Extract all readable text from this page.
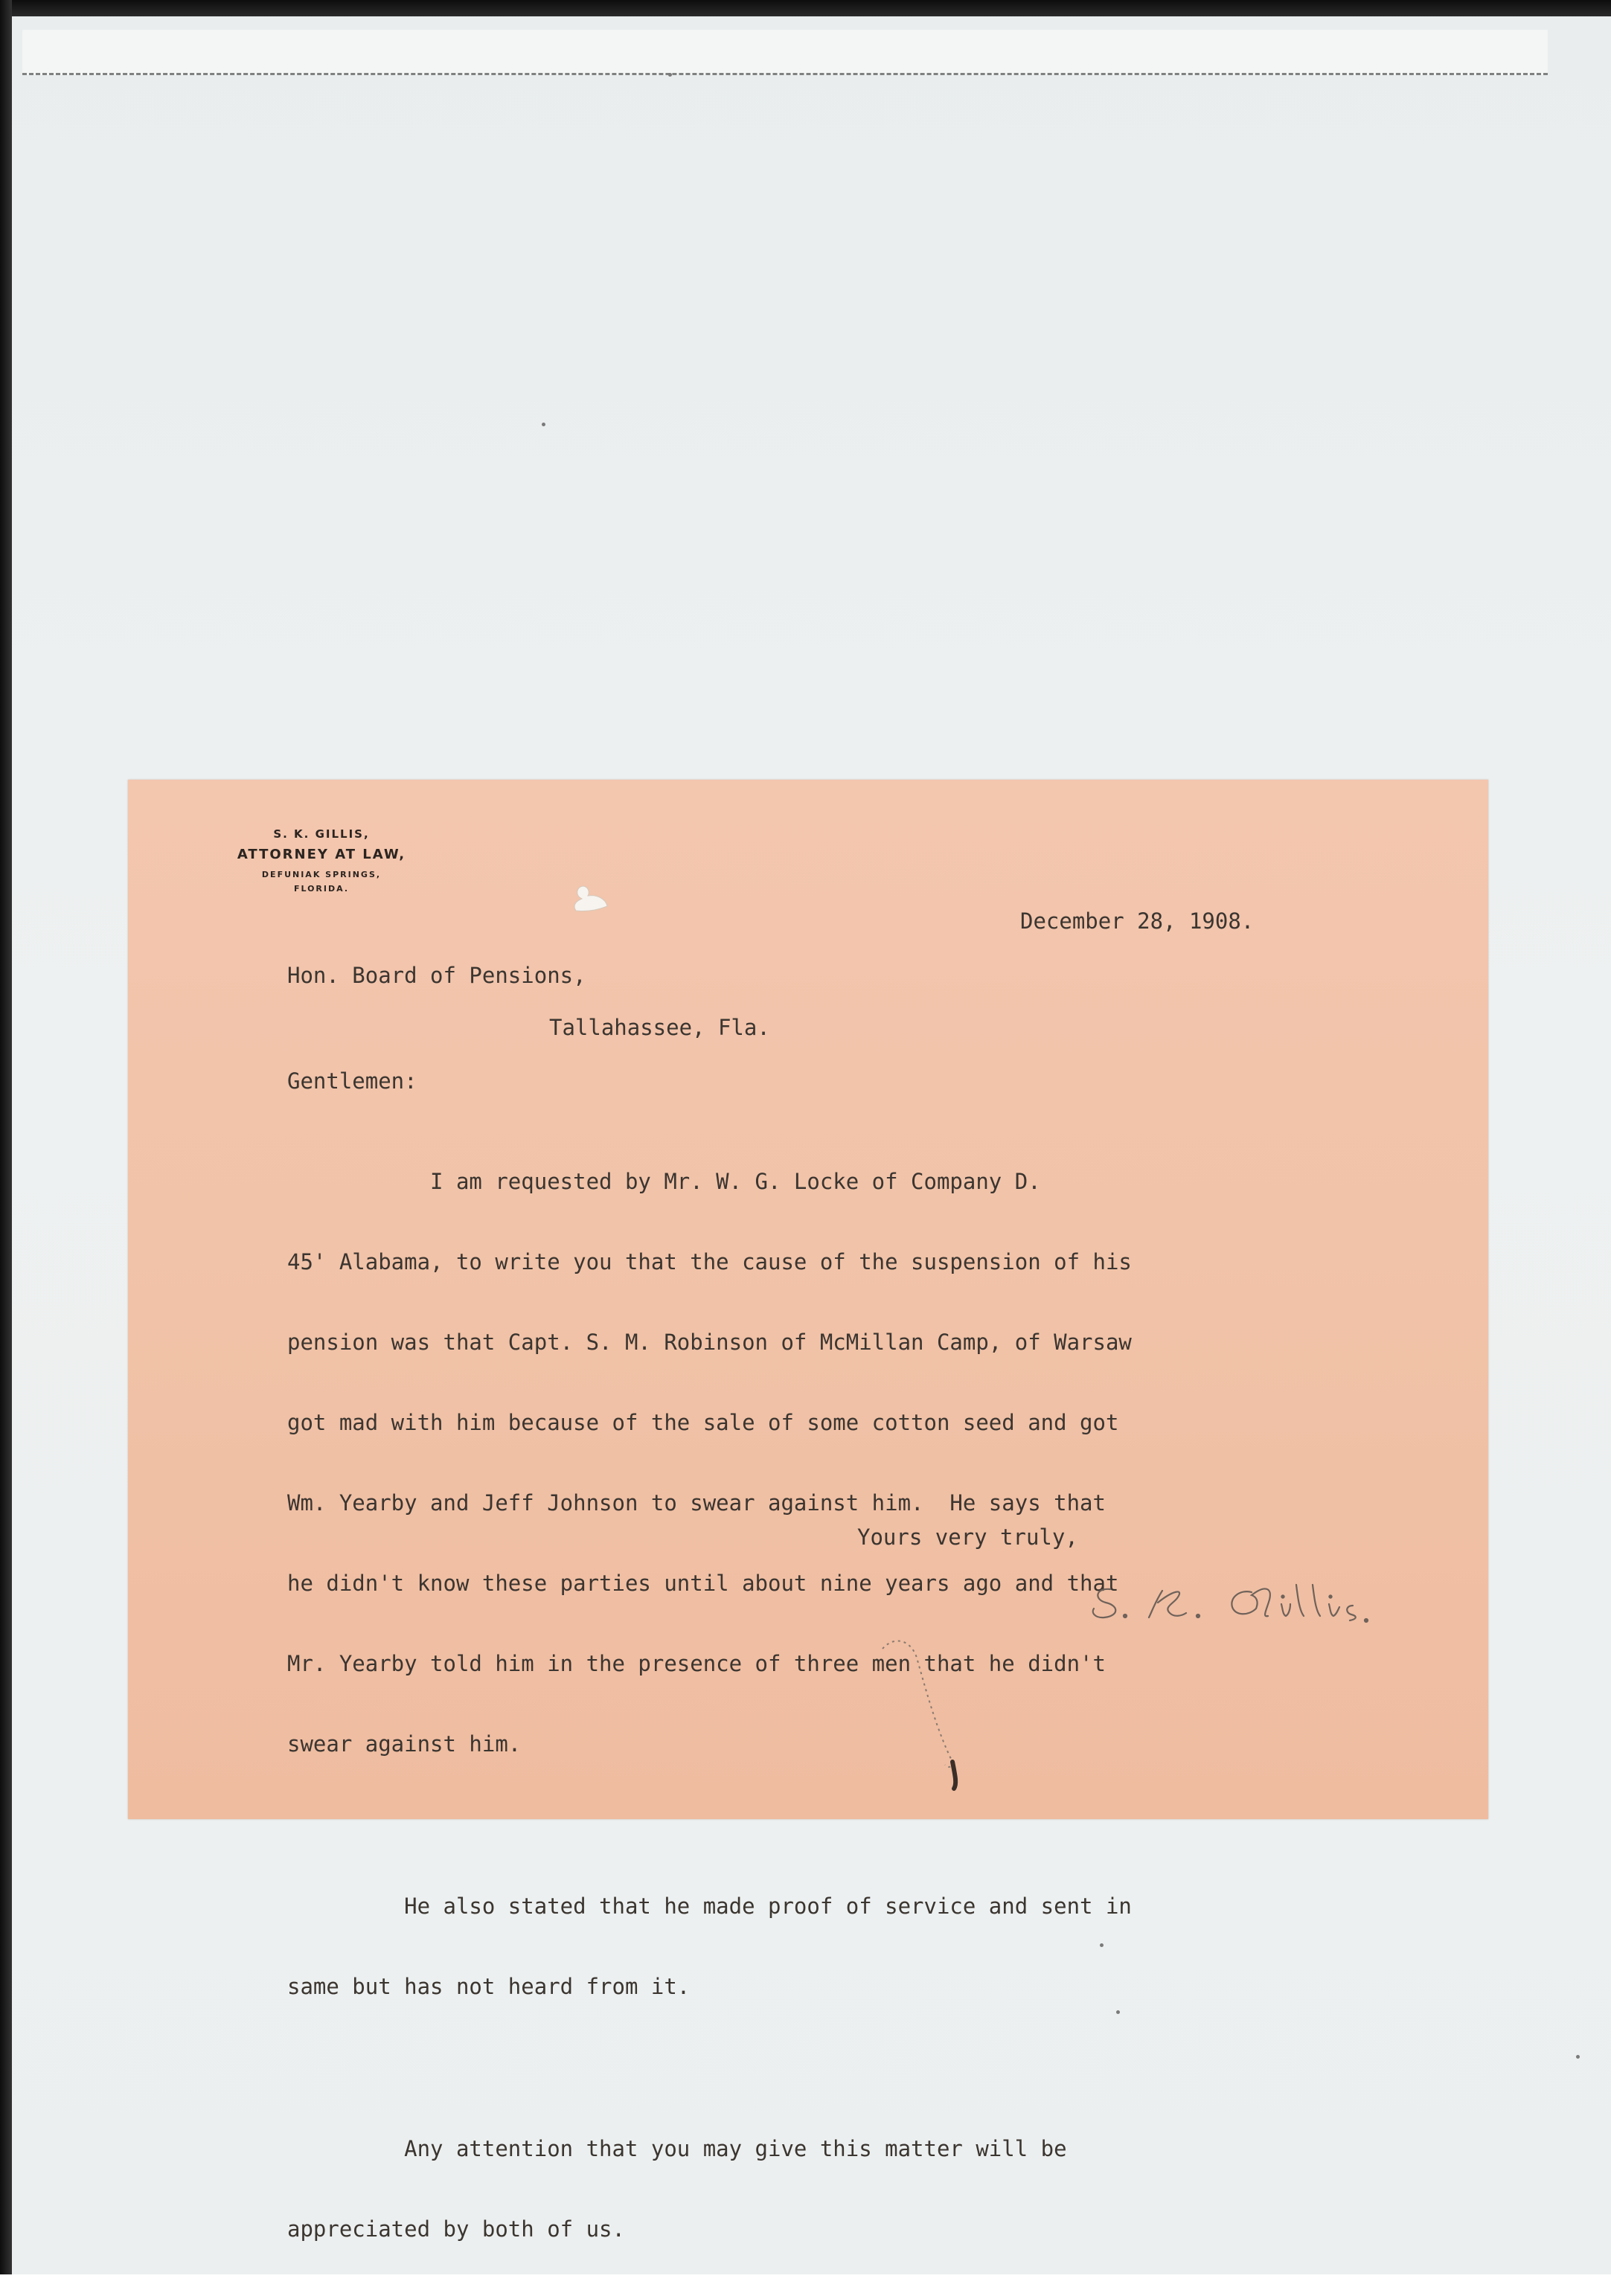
S. K. GILLIS,
ATTORNEY AT LAW,
DEFUNIAK SPRINGS,
FLORIDA.
December 28, 1908.
Hon. Board of Pensions,
Tallahassee, Fla.
Gentlemen:

I am requested by Mr. W. G. Locke of Company D.

45' Alabama, to write you that the cause of the suspension of his

pension was that Capt. S. M. Robinson of McMillan Camp, of Warsaw

got mad with him because of the sale of some cotton seed and got

Wm. Yearby and Jeff Johnson to swear against him.  He says that

he didn't know these parties until about nine years ago and that

Mr. Yearby told him in the presence of three men that he didn't

swear against him.

He also stated that he made proof of service and sent in

same but has not heard from it.

Any attention that you may give this matter will be

appreciated by both of us.

Yours very truly,
